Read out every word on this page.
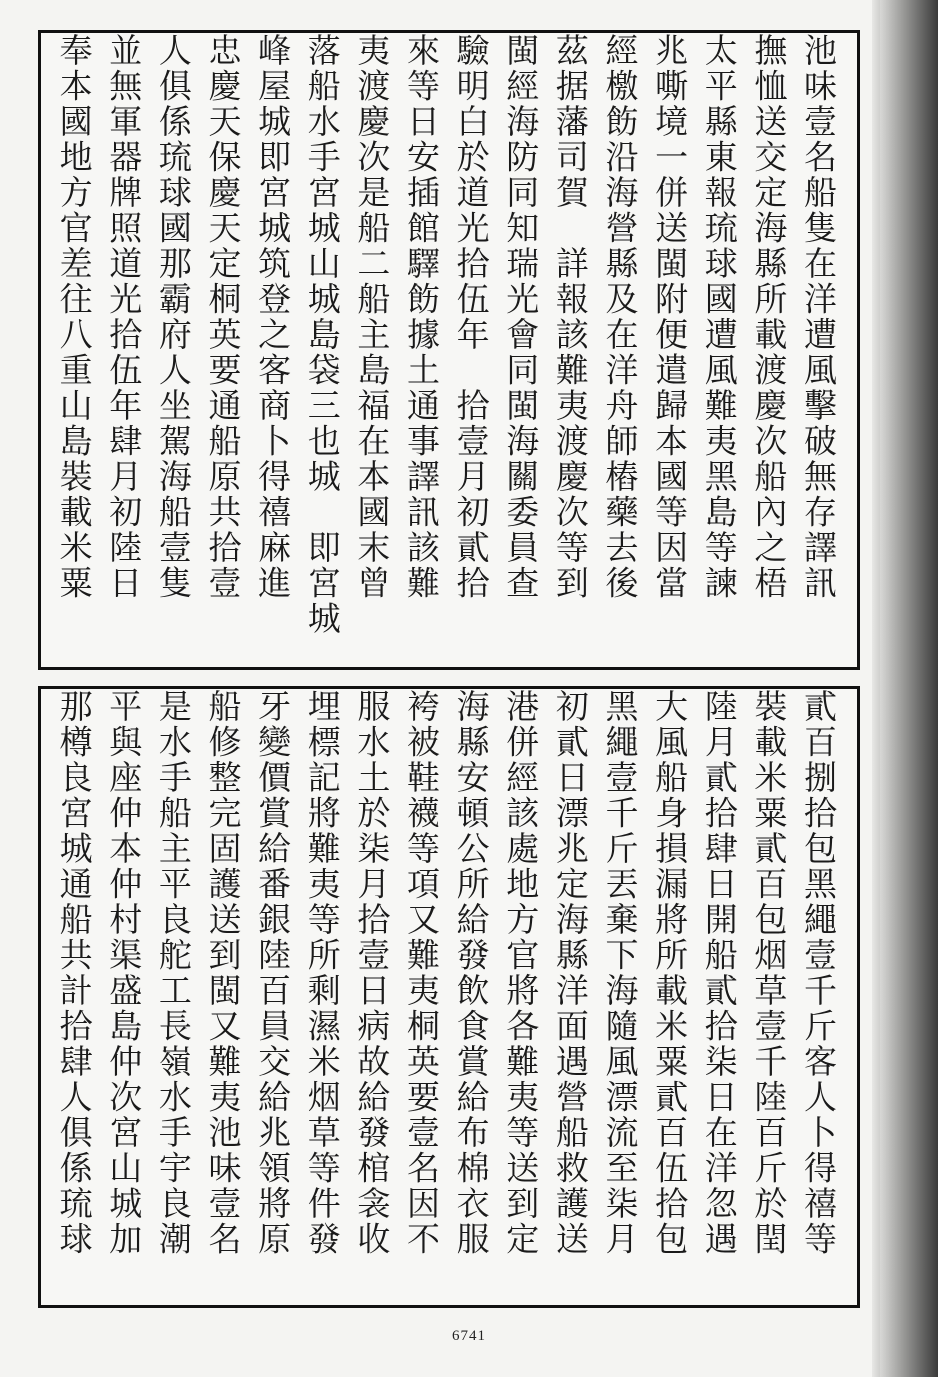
池味壹名船隻在洋遭風擊破無存譯訊
撫恤送交定海縣所載渡慶次船內之梧
太平縣東報琉球國遭風難夷黑島等諫
兆嘶境一併送閩附便遣歸本國等因當
經檄飭沿海營縣及在洋舟師樁藥去後
茲据藩司賀　詳報該難夷渡慶次等到
閩經海防同知瑞光會同閩海關委員查
驗明白於道光拾伍年　拾壹月初貳拾
來等日安插館驛飭據土通事譯訊該難
夷渡慶次是船二船主島福在本國末曾
落船水手宮城山城島袋三也城　即宮城
峰屋城即宮城筑登之客商卜得禧麻進
忠慶天保慶天定桐英要通船原共拾壹
人俱係琉球國那霸府人坐駕海船壹隻
並無軍器牌照道光拾伍年肆月初陸日
奉本國地方官差往八重山島裝載米粟
貳百捌拾包黑繩壹千斤客人卜得禧等
裝載米粟貳百包烟草壹千陸百斤於閏
陸月貳拾肆日開船貳拾柒日在洋忽遇
大風船身損漏將所載米粟貳百伍拾包
黑繩壹千斤丟棄下海隨風漂流至柒月
初貳日漂兆定海縣洋面遇營船救護送
港併經該處地方官將各難夷等送到定
海縣安頓公所給發飲食賞給布棉衣服
袴被鞋襪等項又難夷桐英要壹名因不
服水土於柒月拾壹日病故給發棺衾收
埋標記將難夷等所剩濕米烟草等件發
牙變價賞給番銀陸百員交給兆領將原
船修整完固護送到閩又難夷池味壹名
是水手船主平良舵工長嶺水手宇良潮
平與座仲本仲村渠盛島仲次宮山城加
那樽良宮城通船共計拾肆人俱係琉球
6741
